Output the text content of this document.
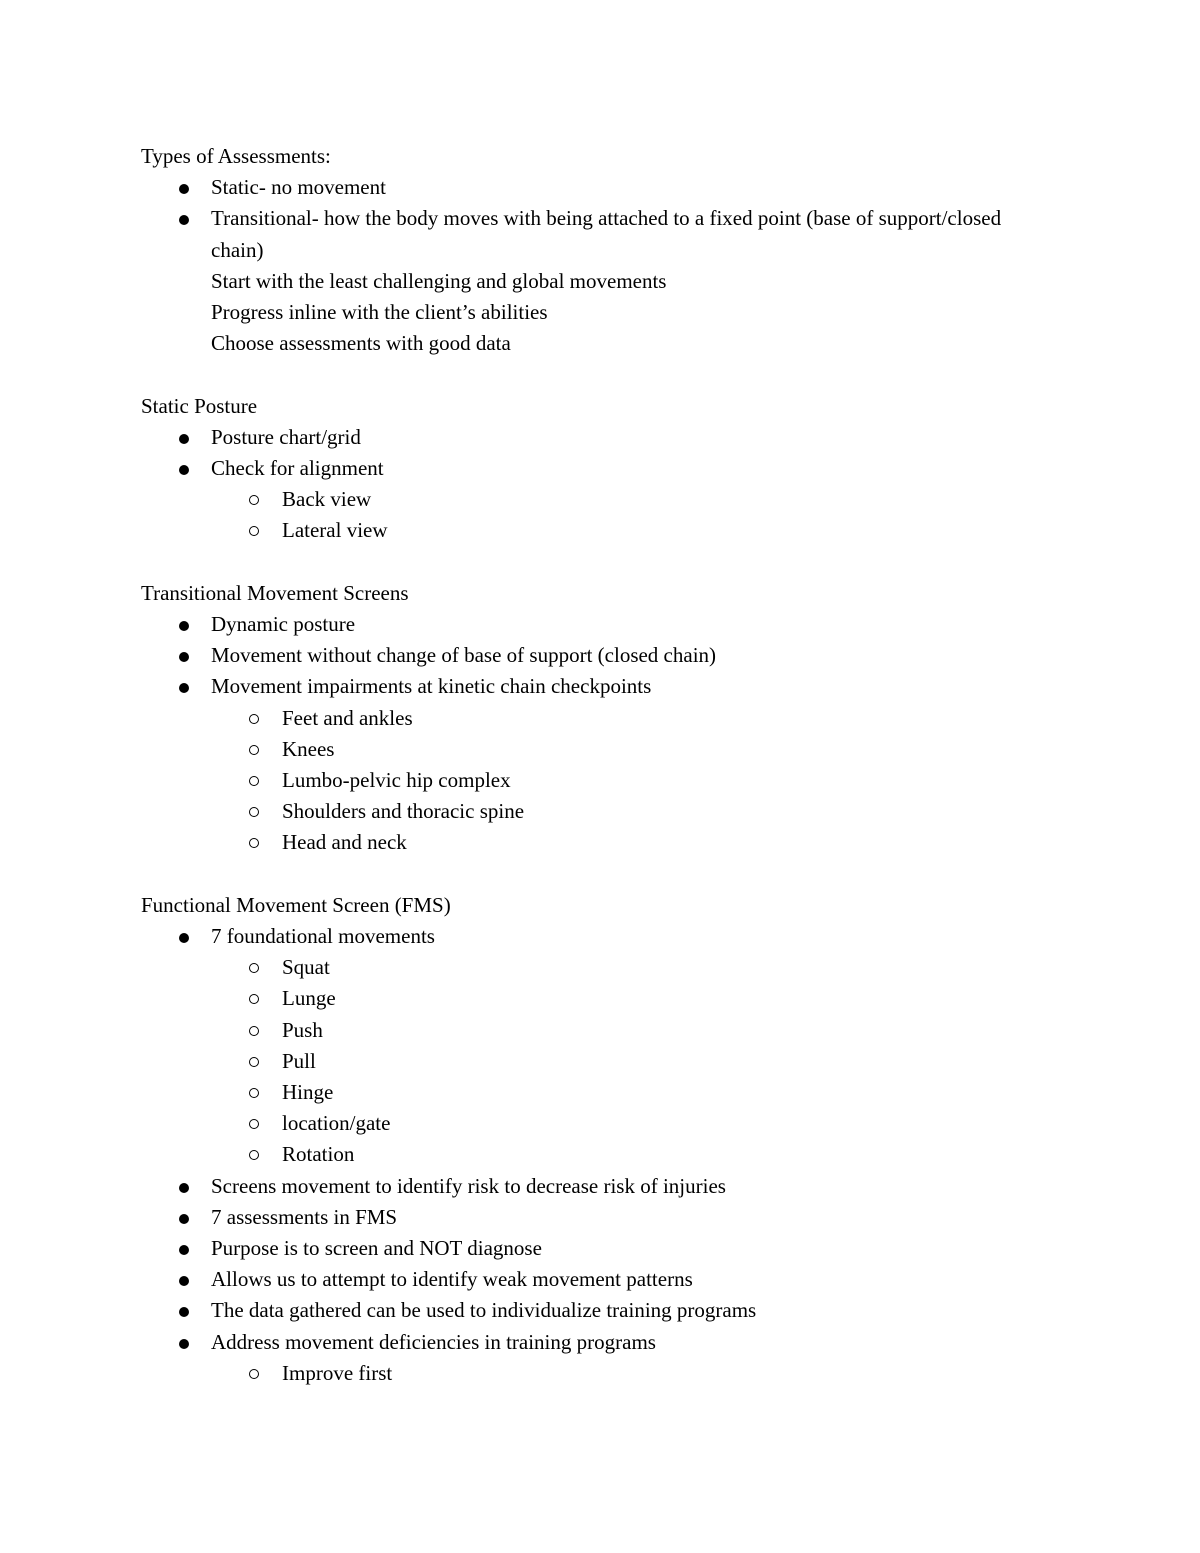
Types of Assessments:
Static- no movement
Transitional- how the body moves with being attached to a fixed point (base of support/closed chain)
Start with the least challenging and global movements
Progress inline with the client’s abilities
Choose assessments with good data
Static Posture
Posture chart/grid
Check for alignment
Back view
Lateral view
Transitional Movement Screens
Dynamic posture
Movement without change of base of support (closed chain)
Movement impairments at kinetic chain checkpoints
Feet and ankles
Knees
Lumbo-pelvic hip complex
Shoulders and thoracic spine
Head and neck
Functional Movement Screen (FMS)
7 foundational movements
Squat
Lunge
Push
Pull
Hinge
location/gate
Rotation
Screens movement to identify risk to decrease risk of injuries
7 assessments in FMS
Purpose is to screen and NOT diagnose
Allows us to attempt to identify weak movement patterns
The data gathered can be used to individualize training programs
Address movement deficiencies in training programs
Improve first
